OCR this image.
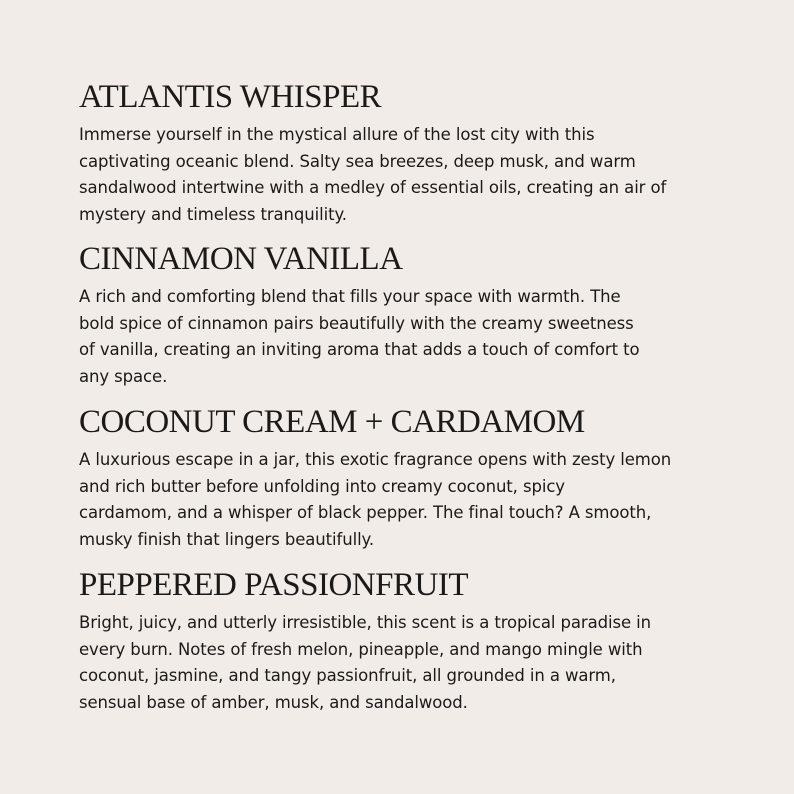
ATLANTIS WHISPER

Immerse yourself in the mystical allure of the lost city with this
captivating oceanic blend. Salty sea breezes, deep musk, and warm
sandalwood intertwine with a medley of essential oils, creating an air of
mystery and timeless tranquility.

CINNAMON VANILLA

A rich and comforting blend that fills your space with warmth. The
bold spice of cinnamon pairs beautifully with the creamy sweetness
of vanilla, creating an inviting aroma that adds a touch of comfort to
any space.

COCONUT CREAM + CARDAMOM

A luxurious escape in a jar, this exotic fragrance opens with zesty lemon
and rich butter before unfolding into creamy coconut, spicy
cardamom, and a whisper of black pepper. The final touch? A smooth,
musky finish that lingers beautifully.

PEPPERED PASSIONFRUIT

Bright, juicy, and utterly irresistible, this scent is a tropical paradise in
every burn. Notes of fresh melon, pineapple, and mango mingle with
coconut, jasmine, and tangy passionfruit, all grounded in a warm,
sensual base of amber, musk, and sandalwood.
